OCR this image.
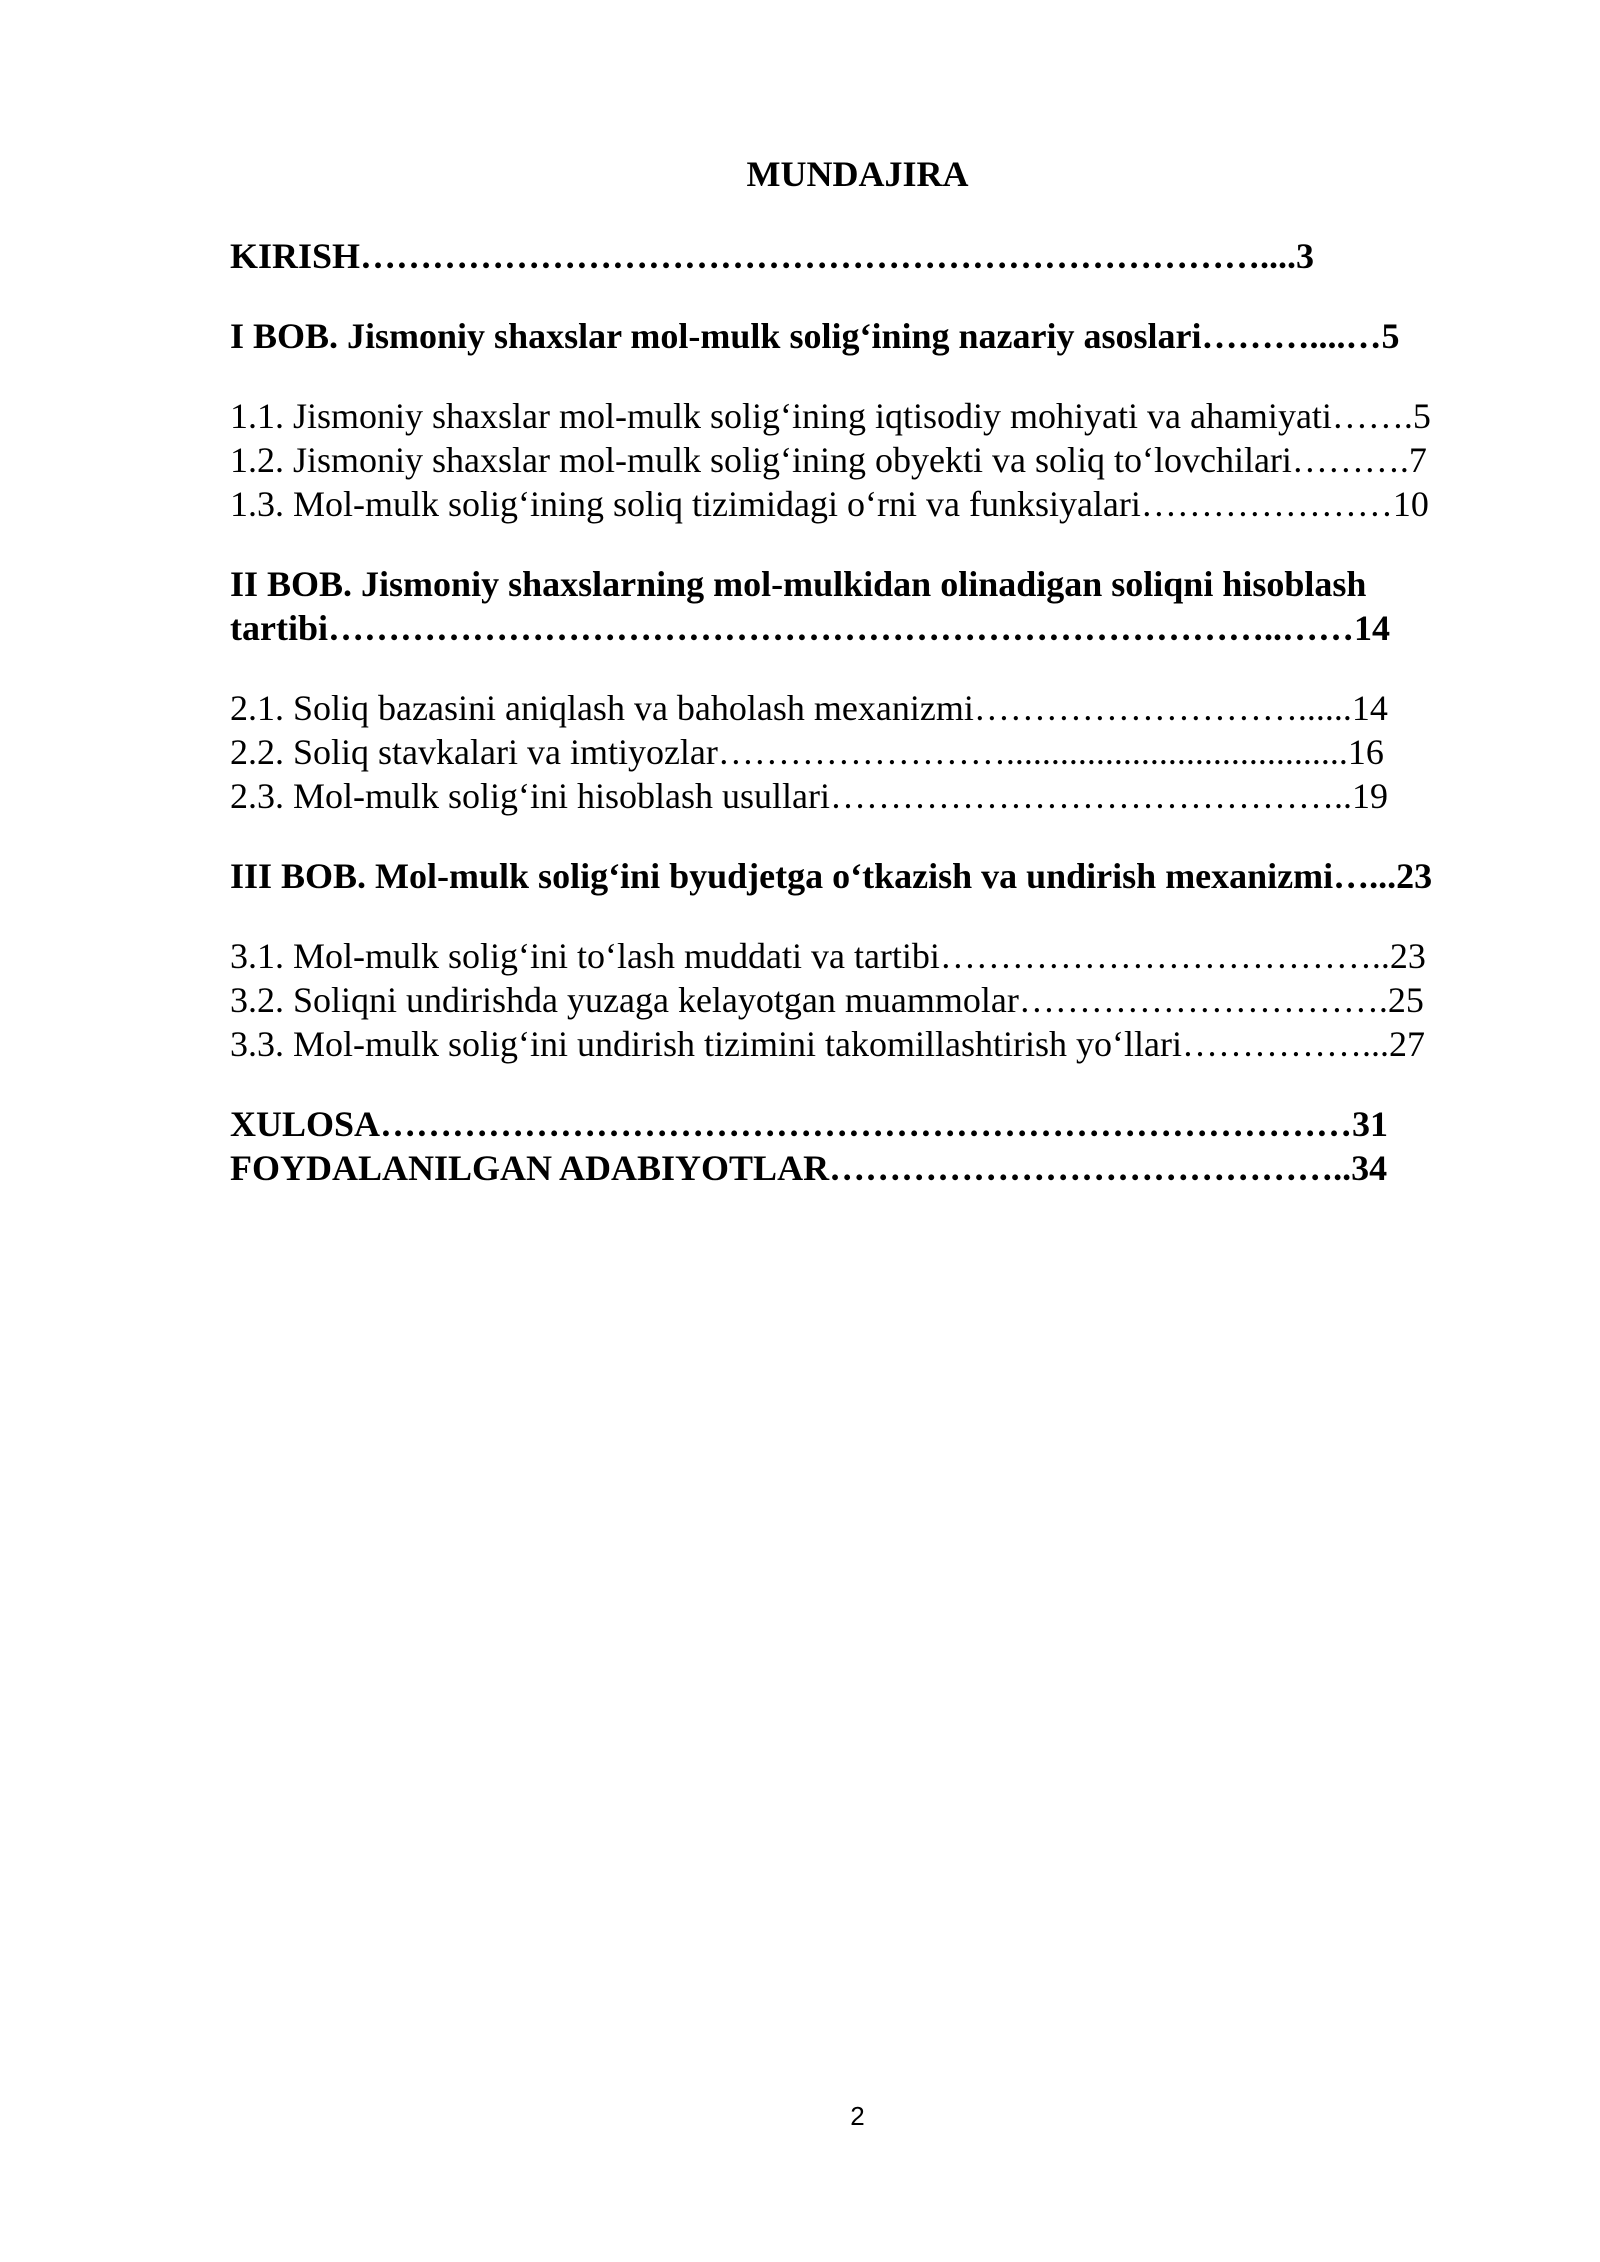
MUNDAJIRA

KIRISH…………………………………………………………………....3

I BOB. Jismoniy shaxslar mol-mulk solig‘ining nazariy asoslari………....…5

1.1. Jismoniy shaxslar mol-mulk solig‘ining iqtisodiy mohiyati va ahamiyati…….5

1.2. Jismoniy shaxslar mol-mulk solig‘ining obyekti va soliq to‘lovchilari……….7

1.3. Mol-mulk solig‘ining soliq tizimidagi o‘rni va funksiyalari…………………10

II BOB. Jismoniy shaxslarning mol-mulkidan olinadigan soliqni hisoblash tartibi……………………………………………………………………..……14

2.1. Soliq bazasini aniqlash va baholash mexanizmi………………………......14

2.2. Soliq stavkalari va imtiyozlar……………………......................................16

2.3. Mol-mulk solig‘ini hisoblash usullari……………………………………..19

III BOB. Mol-mulk solig‘ini byudjetga o‘tkazish va undirish mexanizmi…...23

3.1. Mol-mulk solig‘ini to‘lash muddati va tartibi………………………………..23

3.2. Soliqni undirishda yuzaga kelayotgan muammolar………………………….25

3.3. Mol-mulk solig‘ini undirish tizimini takomillashtirish yo‘llari……………...27

XULOSA………………………………………………………………………31

FOYDALANILGAN ADABIYOTLAR……………………………………..34

2
